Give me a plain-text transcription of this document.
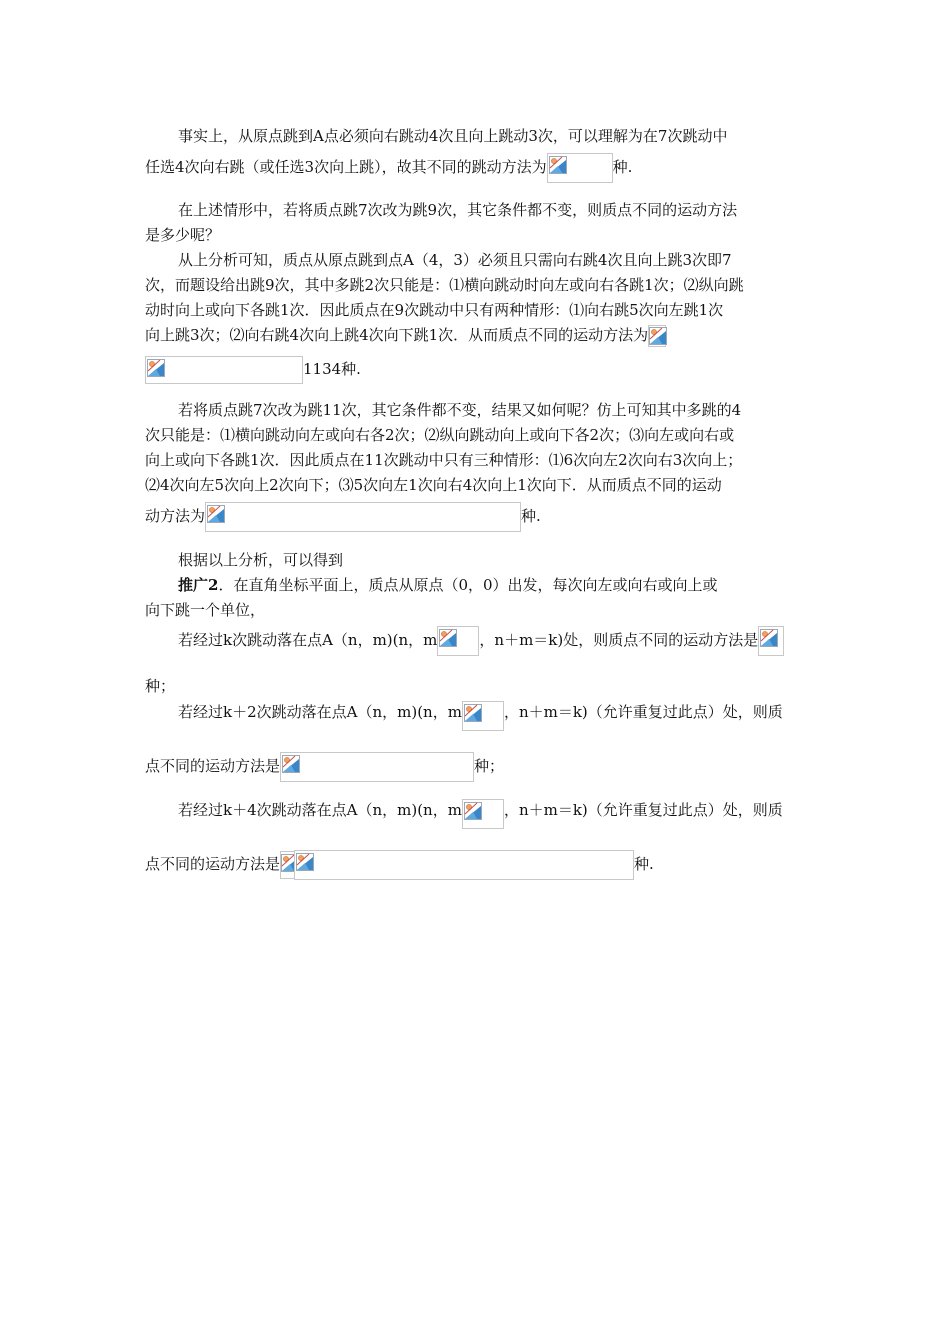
事实上，从原点跳到A点必须向右跳动4次且向上跳动3次，可以理解为在7次跳动中
任选4次向右跳（或任选3次向上跳），故其不同的跳动方法为	种.
在上述情形中，若将质点跳7次改为跳9次，其它条件都不变，则质点不同的运动方法
是多少呢？
从上分析可知，质点从原点跳到点A（4，3）必须且只需向右跳4次且向上跳3次即7
次，而题设给出跳9次，其中多跳2次只能是：⑴横向跳动时向左或向右各跳1次；⑵纵向跳
动时向上或向下各跳1次．因此质点在9次跳动中只有两种情形：⑴向右跳5次向左跳1次
向上跳3次；⑵向右跳4次向上跳4次向下跳1次．从而质点不同的运动方法为
1134种.
若将质点跳7次改为跳11次，其它条件都不变，结果又如何呢？仿上可知其中多跳的4
次只能是：⑴横向跳动向左或向右各2次；⑵纵向跳动向上或向下各2次；⑶向左或向右或
向上或向下各跳1次．因此质点在11次跳动中只有三种情形：⑴6次向左2次向右3次向上；
⑵4次向左5次向上2次向下；⑶5次向左1次向右4次向上1次向下．从而质点不同的运动
动方法为	种.
根据以上分析，可以得到
推广2．在直角坐标平面上，质点从原点（0，0）出发，每次向左或向右或向上或
向下跳一个单位，
若经过k次跳动落在点A（n，m)(n，m	，n＋m＝k)处，则质点不同的运动方法是
种；
若经过k＋2次跳动落在点A（n，m)(n，m	，n＋m＝k)（允许重复过此点）处，则质
点不同的运动方法是	种；
若经过k＋4次跳动落在点A（n，m)(n，m	，n＋m＝k)（允许重复过此点）处，则质
点不同的运动方法是	种.
